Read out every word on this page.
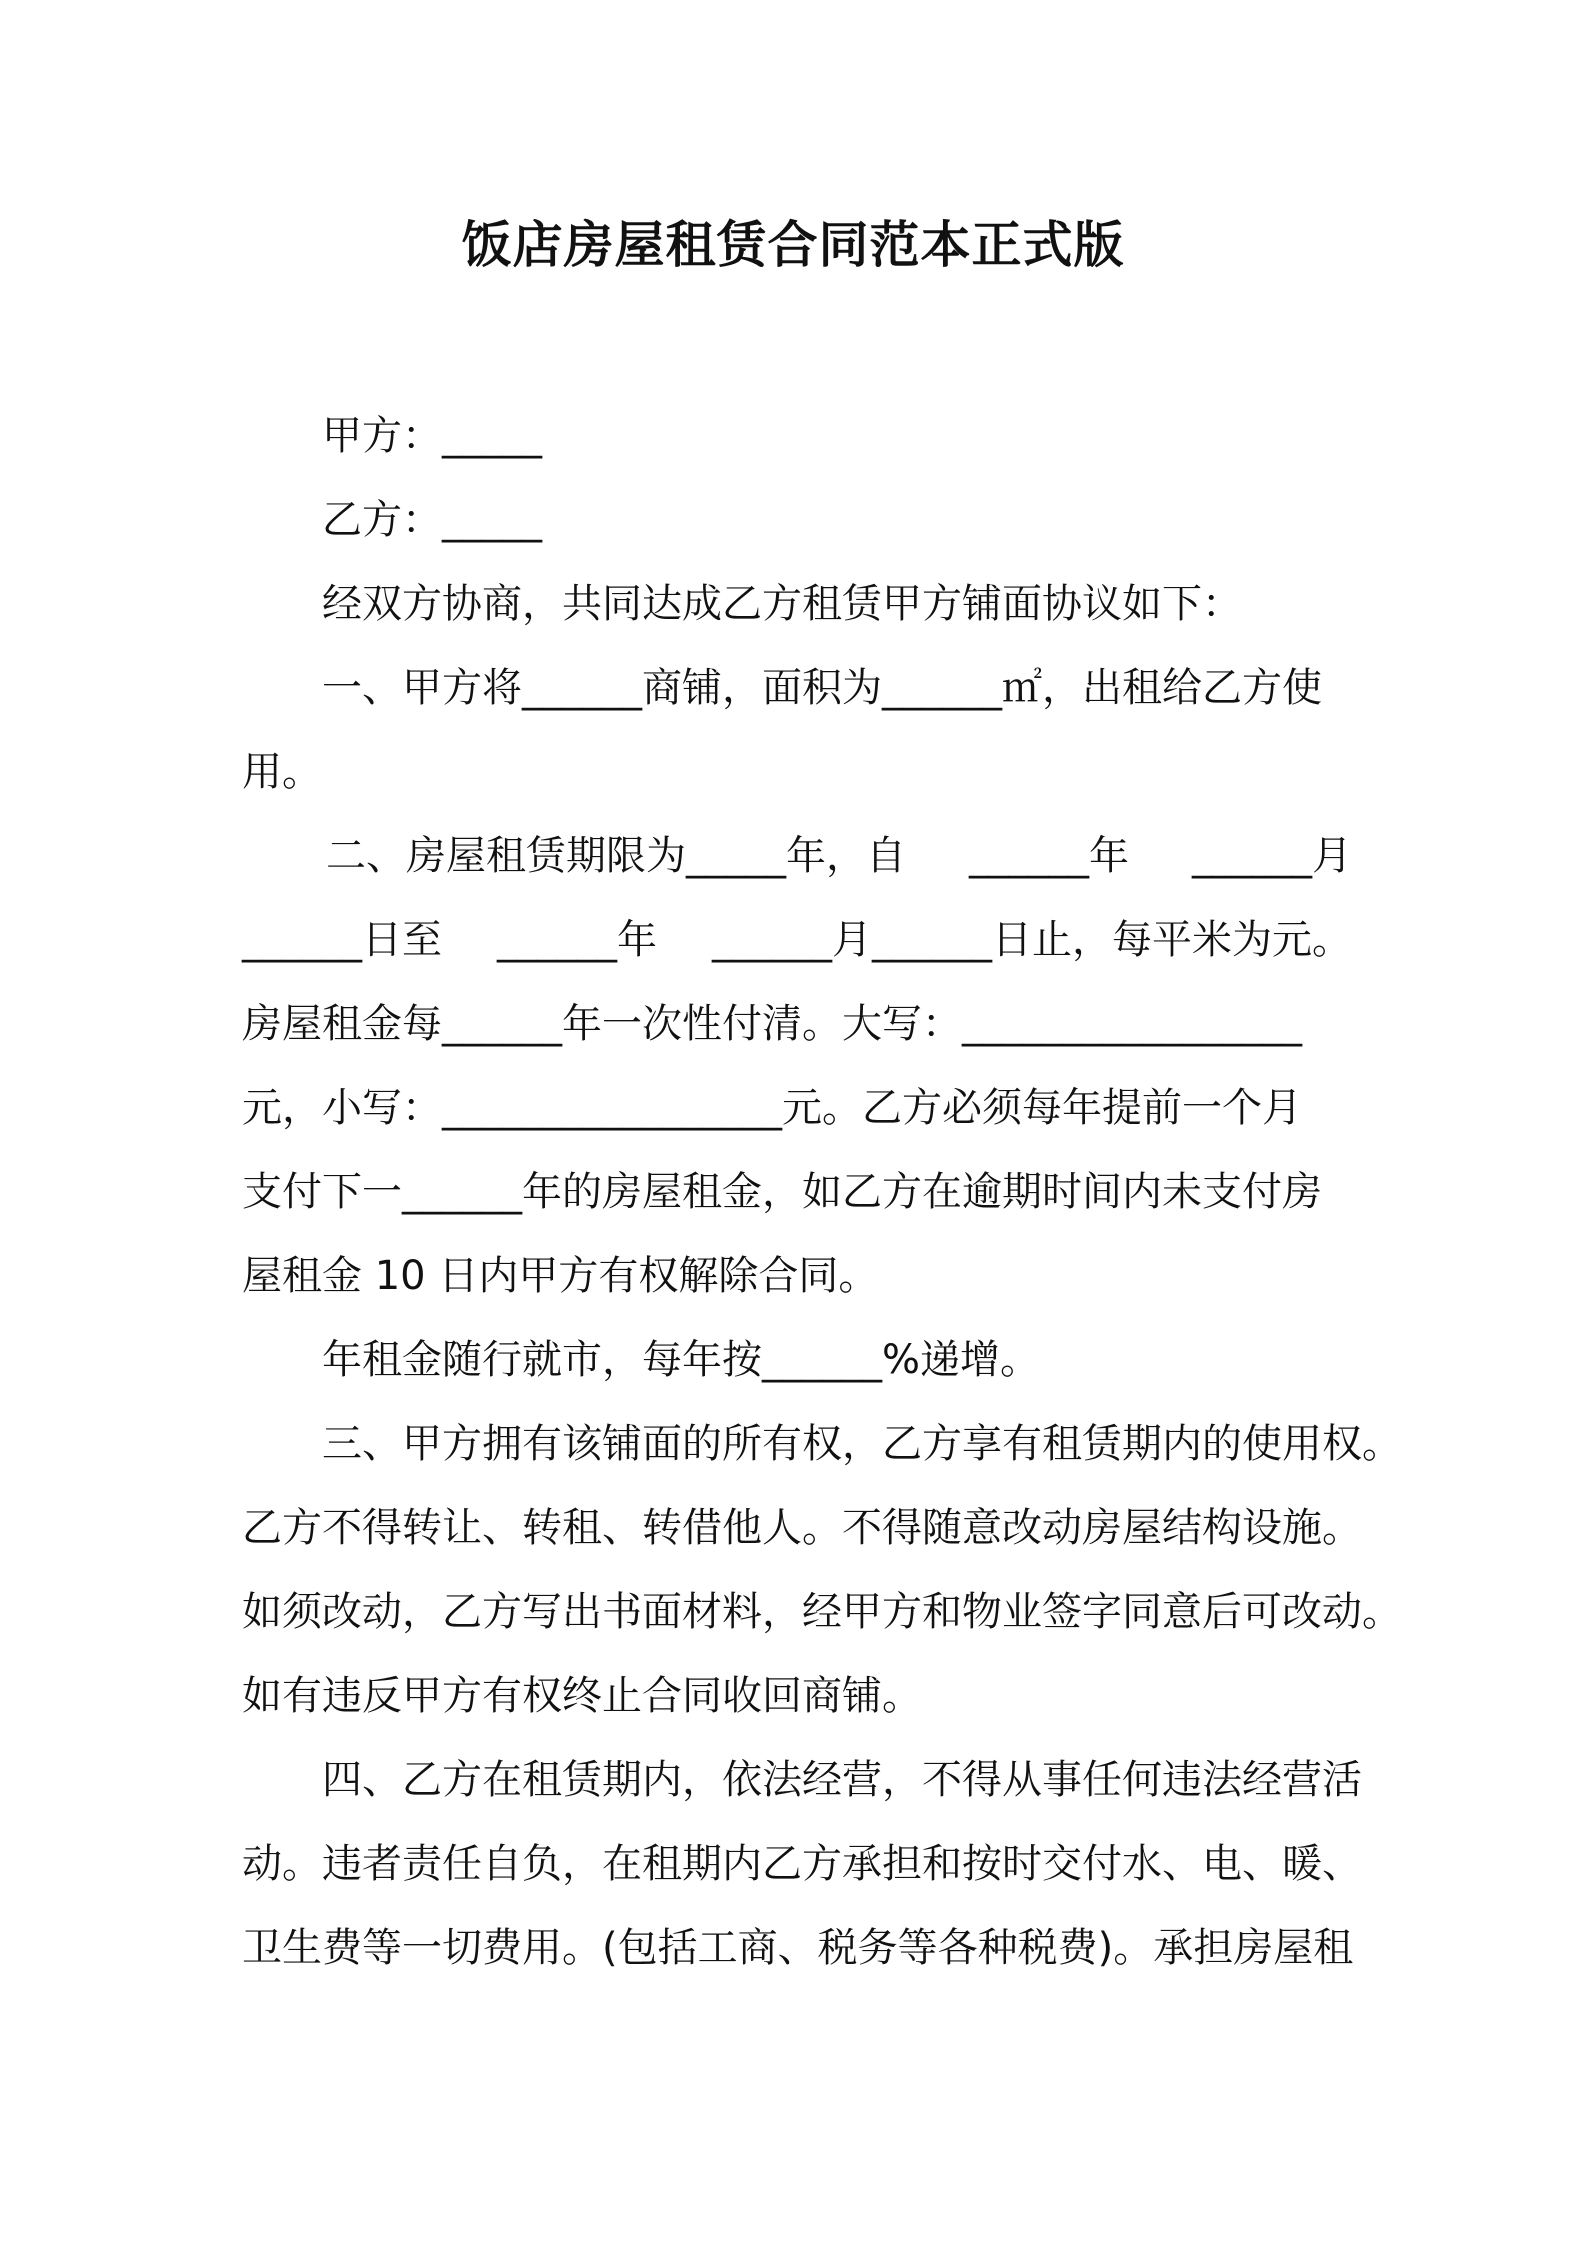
饭店房屋租赁合同范本正式版
甲方：_____
乙方：_____
经双方协商，共同达成乙方租赁甲方铺面协议如下：
一、甲方将______商铺，面积为______㎡，出租给乙方使
用。
二、房屋租赁期限为_____年，自 ______年 ______月
______日至 ______年 ______月______日止，每平米为元。
房屋租金每______年一次性付清。大写：_________________
元，小写：_________________元。乙方必须每年提前一个月
支付下一______年的房屋租金，如乙方在逾期时间内未支付房
屋租金 10 日内甲方有权解除合同。
年租金随行就市，每年按______%递增。
三、甲方拥有该铺面的所有权，乙方享有租赁期内的使用权。
乙方不得转让、转租、转借他人。不得随意改动房屋结构设施。
如须改动，乙方写出书面材料，经甲方和物业签字同意后可改动。
如有违反甲方有权终止合同收回商铺。
四、乙方在租赁期内，依法经营，不得从事任何违法经营活
动。违者责任自负，在租期内乙方承担和按时交付水、电、暖、
卫生费等一切费用。(包括工商、税务等各种税费)。承担房屋租
